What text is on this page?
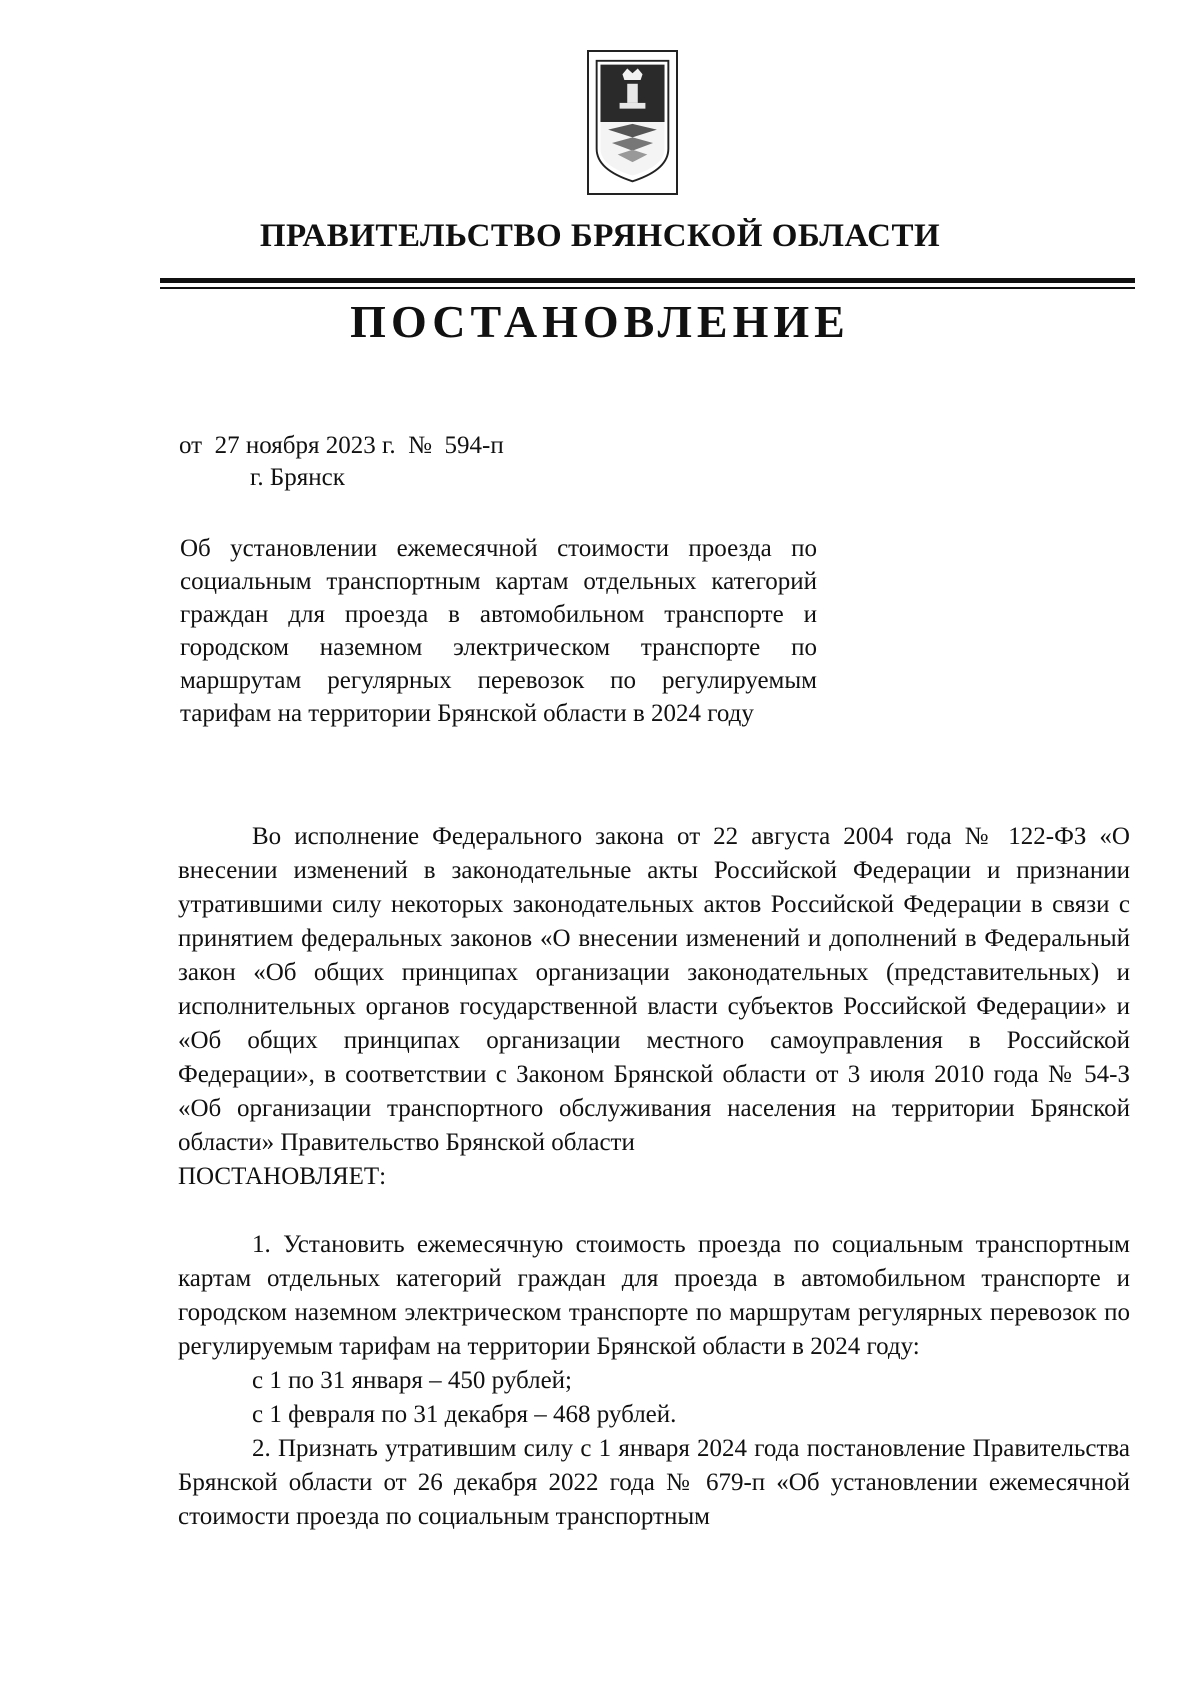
ПРАВИТЕЛЬСТВО БРЯНСКОЙ ОБЛАСТИ
ПОСТАНОВЛЕНИЕ
от  27 ноября 2023 г.  №  594-п
г. Брянск
Об установлении ежемесячной стоимости проезда по социальным транспортным картам отдельных категорий граждан для проезда в автомобильном транспорте и городском наземном электрическом транспорте по маршрутам регулярных перевозок по регулируемым тарифам на территории Брянской области в 2024 году

Во исполнение Федерального закона от 22 августа 2004 года № 122-ФЗ «О внесении изменений в законодательные акты Российской Федерации и признании утратившими силу некоторых законодательных актов Российской Федерации в связи с принятием федеральных законов «О внесении изменений и дополнений в Федеральный закон «Об общих принципах организации законодательных (представительных) и исполнительных органов государственной власти субъектов Российской Федерации» и «Об общих принципах организации местного самоуправления в Российской Федерации», в соответствии с Законом Брянской области от 3 июля 2010 года № 54-З «Об организации транспортного обслуживания населения на территории Брянской области» Правительство Брянской области

ПОСТАНОВЛЯЕТ:

1. Установить ежемесячную стоимость проезда по социальным транспортным картам отдельных категорий граждан для проезда в автомобильном транспорте и городском наземном электрическом транспорте по маршрутам регулярных перевозок по регулируемым тарифам на территории Брянской области в 2024 году:

с 1 по 31 января – 450 рублей;

с 1 февраля по 31 декабря – 468 рублей.

2. Признать утратившим силу с 1 января 2024 года постановление Правительства Брянской области от 26 декабря 2022 года № 679-п «Об установлении ежемесячной стоимости проезда по социальным транспортным
